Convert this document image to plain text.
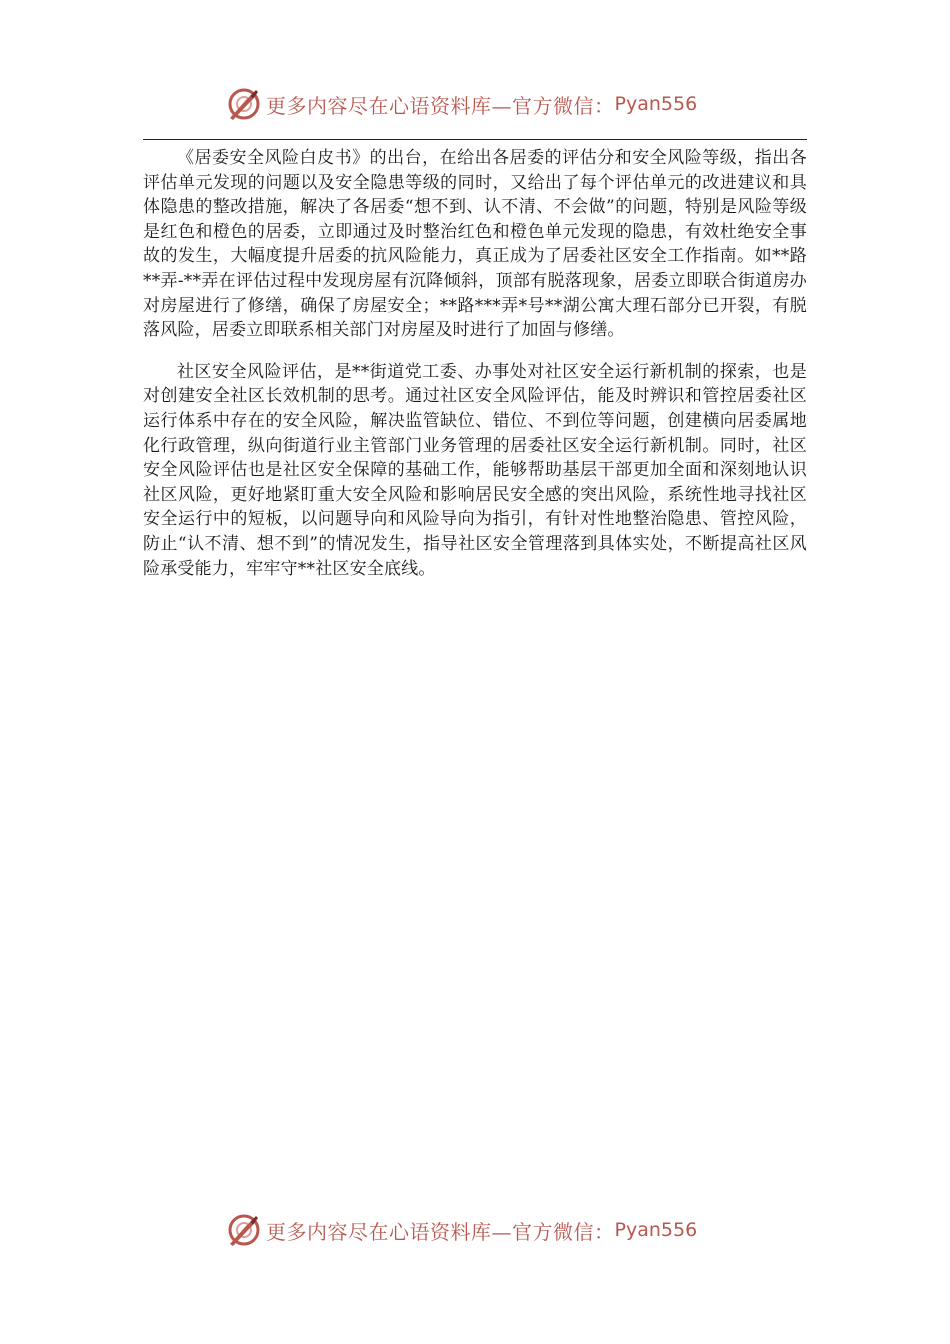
更多内容尽在心语资料库—官方微信： Pyan556

《居委安全风险白皮书》的出台，在给出各居委的评估分和安全风险等级，指出各评估单元发现的问题以及安全隐患等级的同时，又给出了每个评估单元的改进建议和具体隐患的整改措施，解决了各居委“想不到、认不清、不会做”的问题，特别是风险等级是红色和橙色的居委，立即通过及时整治红色和橙色单元发现的隐患，有效杜绝安全事故的发生，大幅度提升居委的抗风险能力，真正成为了居委社区安全工作指南。如**路**弄-**弄在评估过程中发现房屋有沉降倾斜，顶部有脱落现象，居委立即联合街道房办对房屋进行了修缮，确保了房屋安全；**路***弄*号**湖公寓大理石部分已开裂，有脱落风险，居委立即联系相关部门对房屋及时进行了加固与修缮。

社区安全风险评估，是**街道党工委、办事处对社区安全运行新机制的探索，也是对创建安全社区长效机制的思考。通过社区安全风险评估，能及时辨识和管控居委社区运行体系中存在的安全风险，解决监管缺位、错位、不到位等问题，创建横向居委属地化行政管理，纵向街道行业主管部门业务管理的居委社区安全运行新机制。同时，社区安全风险评估也是社区安全保障的基础工作，能够帮助基层干部更加全面和深刻地认识社区风险，更好地紧盯重大安全风险和影响居民安全感的突出风险，系统性地寻找社区安全运行中的短板，以问题导向和风险导向为指引，有针对性地整治隐患、管控风险，防止“认不清、想不到”的情况发生，指导社区安全管理落到具体实处，不断提高社区风险承受能力，牢牢守**社区安全底线。

更多内容尽在心语资料库—官方微信： Pyan556
